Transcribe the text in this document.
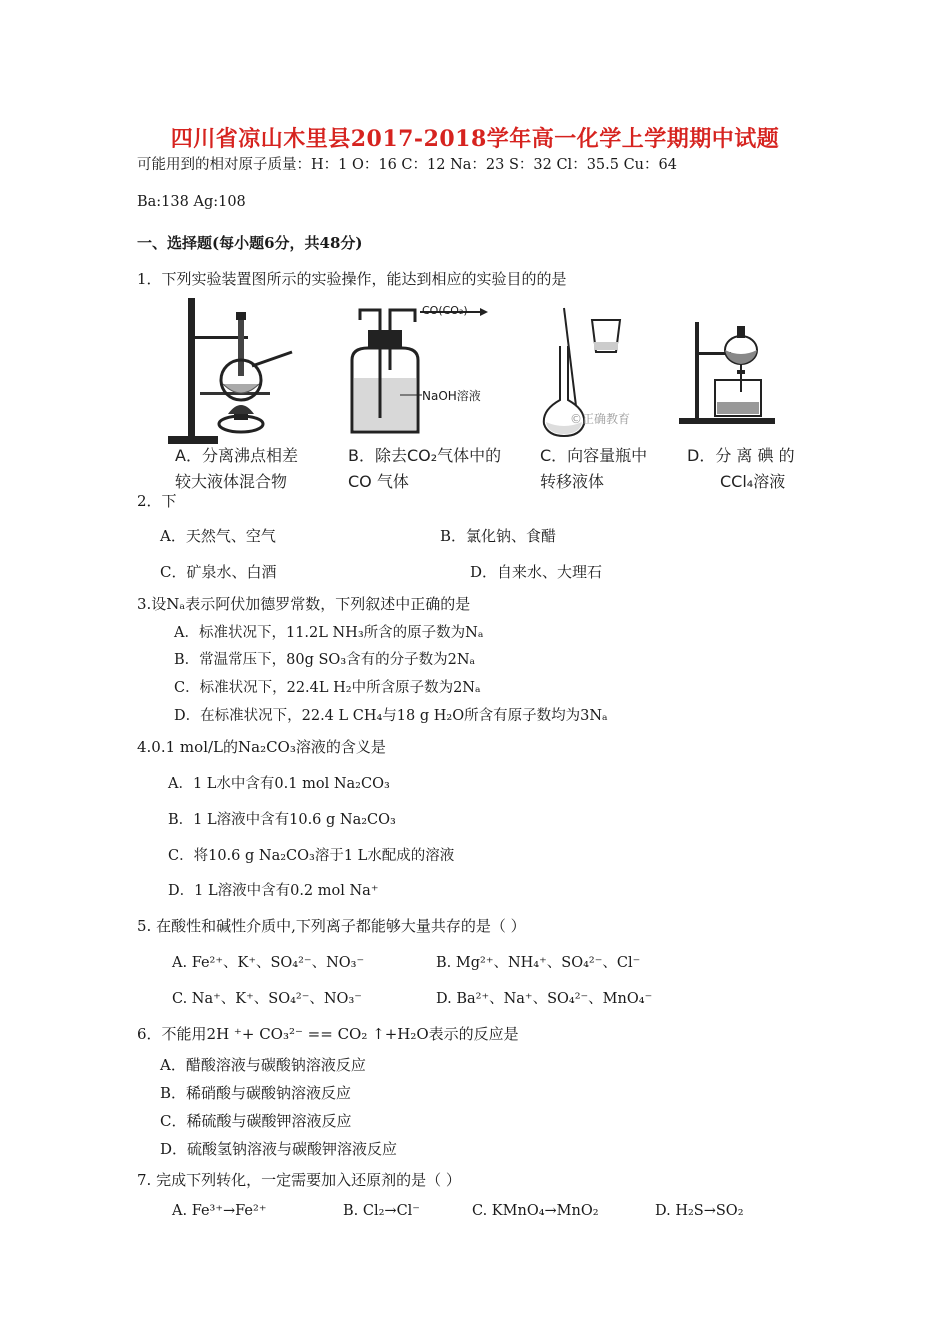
四川省凉山木里县2017-2018学年高一化学上学期期中试题
可能用到的相对原子质量：H：1 O：16 C：12 Na：23 S：32 Cl：35.5 Cu：64
Ba:138 Ag:108
一、选择题(每小题6分，共48分)
1．下列实验装置图所示的实验操作，能达到相应的实验目的的是
A．分离沸点相差
较大液体混合物
CO(CO₂)
NaOH溶液
B．除去CO₂气体中的
CO 气体
©正确教育
C．向容量瓶中
转移液体
D．分 离 碘 的
CCl₄溶液
2．下
A．天然气、空气	B．氯化钠、食醋
C．矿泉水、白酒	D．自来水、大理石
3.设Nₐ表示阿伏加德罗常数，下列叙述中正确的是
A．标准状况下，11.2L NH₃所含的原子数为Nₐ
B．常温常压下，80g SO₃含有的分子数为2Nₐ
C．标准状况下，22.4L H₂中所含原子数为2Nₐ
D．在标准状况下，22.4 L CH₄与18 g H₂O所含有原子数均为3Nₐ
4.0.1 mol/L的Na₂CO₃溶液的含义是
A．1 L水中含有0.1 mol Na₂CO₃
B．1 L溶液中含有10.6 g Na₂CO₃
C．将10.6 g Na₂CO₃溶于1 L水配成的溶液
D．1 L溶液中含有0.2 mol Na⁺
5. 在酸性和碱性介质中,下列离子都能够大量共存的是（ ）
A. Fe²⁺、K⁺、SO₄²⁻、NO₃⁻	B. Mg²⁺、NH₄⁺、SO₄²⁻、Cl⁻
C. Na⁺、K⁺、SO₄²⁻、NO₃⁻	D. Ba²⁺、Na⁺、SO₄²⁻、MnO₄⁻
6．不能用2H ⁺+ CO₃²⁻ == CO₂ ↑+H₂O表示的反应是
A．醋酸溶液与碳酸钠溶液反应
B．稀硝酸与碳酸钠溶液反应
C．稀硫酸与碳酸钾溶液反应
D．硫酸氢钠溶液与碳酸钾溶液反应
7. 完成下列转化，一定需要加入还原剂的是（ ）
A. Fe³⁺→Fe²⁺	B. Cl₂→Cl⁻	C. KMnO₄→MnO₂	D. H₂S→SO₂
